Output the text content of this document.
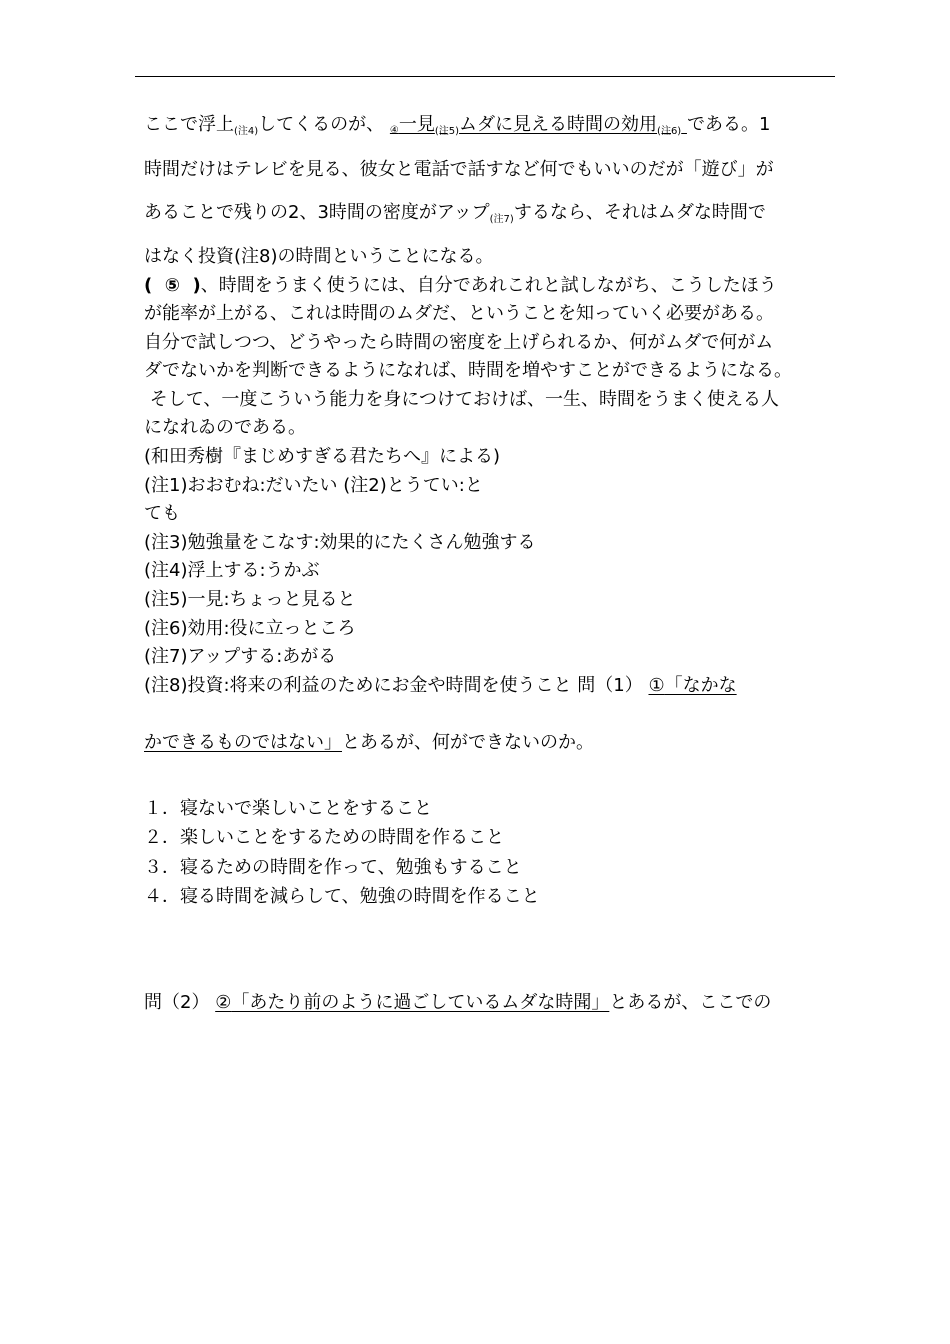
ここで浮上$_{(注4)}$してくるのが、 ④一見$_{(注5)}$ムダに見える時間の効用$_{(注6)}$ である。1
時間だけはテレビを見る、彼女と電話で話すなど何でもいいのだが「遊び」が
あることで残りの2、3時間の密度がアップ$_{(注7)}$するなら、それはムダな時間で
はなく投資(注8)の時間ということになる。
(  ⑤  )、時間をうまく使うには、自分であれこれと試しながち、こうしたほう
が能率が上がる、これは時間のムダだ、ということを知っていく必要がある。
自分で試しつつ、どうやったら時間の密度を上げられるか、何がムダで何がム
ダでないかを判断できるようになれば、時間を増やすことができるようになる。
そして、一度こういう能力を身につけておけば、一生、時間をうまく使える人
になれゐのである。
(和田秀樹『まじめすぎる君たちへ』による)
(注1)おおむね:だいたい (注2)とうてい:と
ても
(注3)勉強量をこなす:効果的にたくさん勉強する
(注4)浮上する:うかぶ
(注5)一見:ちょっと見ると
(注6)効用:役に立っところ
(注7)アップする:あがる
(注8)投資:将来の利益のためにお金や時間を使うこと 問（1） ①「なかな
かできるものではない」とあるが、何ができないのか。
１．寝ないで楽しいことをすること
２．楽しいことをするための時間を作ること
３．寝るための時間を作って、勉強もすること
４．寝る時間を減らして、勉強の時間を作ること
問（2） ②「あたり前のように過ごしているムダな時聞」とあるが、ここでの
